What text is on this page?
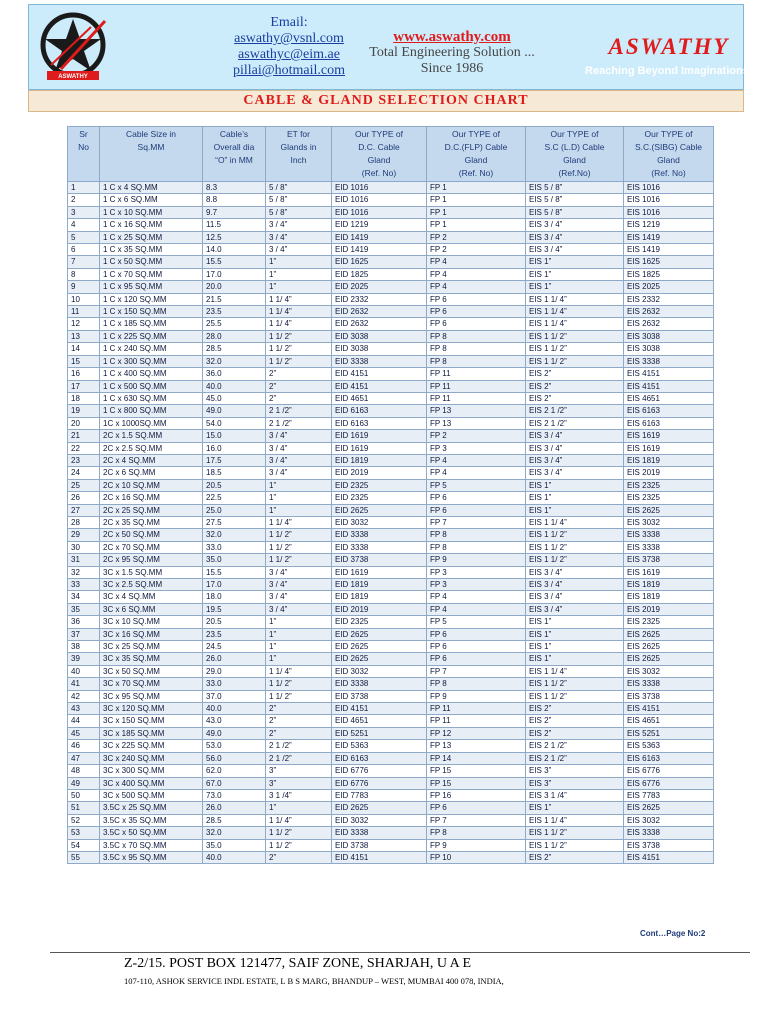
ASWATHY
Email:
aswathy@vsnl.com
aswathyc@eim.ae
pillai@hotmail.com
www.aswathy.com
Total Engineering Solution ...
Since 1986
ASWATHY
Reaching Beyond Imaginations..
CABLE & GLAND SELECTION CHART
Sr
No	Cable Size in
Sq.MM	Cable’s
Overall dia
“O” in MM	ET for
Glands in
Inch	Our TYPE of
D.C. Cable
Gland
(Ref. No)	Our TYPE of
D.C.(FLP) Cable
Gland
(Ref. No)	Our TYPE of
S.C (L.D) Cable
Gland
(Ref.No)	Our TYPE of
S.C.(SIBG) Cable
Gland
(Ref. No)
1	1 C x 4 SQ.MM	8.3	5 / 8”	EID 1016	FP 1	EIS 5 / 8”	EIS 1016
2	1 C x 6 SQ.MM	8.8	5 / 8”	EID 1016	FP 1	EIS 5 / 8”	EIS 1016
3	1 C x 10 SQ.MM	9.7	5 / 8”	EID 1016	FP 1	EIS 5 / 8”	EIS 1016
4	1 C x 16 SQ.MM	11.5	3 / 4”	EID 1219	FP 1	EIS 3 / 4”	EIS 1219
5	1 C x 25 SQ.MM	12.5	3 / 4”	EID 1419	FP 2	EIS 3 / 4”	EIS 1419
6	1 C x 35 SQ.MM	14.0	3 / 4”	EID 1419	FP 2	EIS 3 / 4”	EIS 1419
7	1 C x 50 SQ.MM	15.5	1”	EID 1625	FP 4	EIS 1”	EIS 1625
8	1 C x 70 SQ.MM	17.0	1”	EID 1825	FP 4	EIS 1”	EIS 1825
9	1 C x 95 SQ.MM	20.0	1”	EID 2025	FP 4	EIS 1”	EIS 2025
10	1 C x 120 SQ.MM	21.5	1 1/ 4”	EID 2332	FP 6	EIS 1 1/ 4”	EIS 2332
11	1 C x 150 SQ.MM	23.5	1 1/ 4”	EID 2632	FP 6	EIS 1 1/ 4”	EIS 2632
12	1 C x 185 SQ.MM	25.5	1 1/ 4”	EID 2632	FP 6	EIS 1 1/ 4”	EIS 2632
13	1 C x 225 SQ.MM	28.0	1 1/ 2”	EID 3038	FP 8	EIS 1 1/ 2”	EIS 3038
14	1 C x 240 SQ.MM	28.5	1 1/ 2”	EID 3038	FP 8	EIS 1 1/ 2”	EIS 3038
15	1 C x 300 SQ.MM	32.0	1 1/ 2”	EID 3338	FP 8	EIS 1 1/ 2”	EIS 3338
16	1 C x 400 SQ.MM	36.0	2”	EID 4151	FP 11	EIS 2”	EIS 4151
17	1 C x 500 SQ.MM	40.0	2”	EID 4151	FP 11	EIS 2”	EIS 4151
18	1 C x 630 SQ.MM	45.0	2”	EID 4651	FP 11	EIS 2”	EIS 4651
19	1 C x 800 SQ.MM	49.0	2 1 /2”	EID 6163	FP 13	EIS 2 1 /2”	EIS 6163
20	1C x 1000SQ.MM	54.0	2 1 /2”	EID 6163	FP 13	EIS 2 1 /2”	EIS 6163
21	2C x 1.5 SQ.MM	15.0	3 / 4”	EID 1619	FP 2	EIS 3 / 4”	EIS 1619
22	2C x 2.5 SQ.MM	16.0	3 / 4”	EID 1619	FP 3	EIS 3 / 4”	EIS 1619
23	2C x 4 SQ.MM	17.5	3 / 4”	EID 1819	FP 4	EIS 3 / 4”	EIS 1819
24	2C x 6 SQ.MM	18.5	3 / 4”	EID 2019	FP 4	EIS 3 / 4”	EIS 2019
25	2C x 10 SQ.MM	20.5	1”	EID 2325	FP 5	EIS 1”	EIS 2325
26	2C x 16 SQ.MM	22.5	1”	EID 2325	FP 6	EIS 1”	EIS 2325
27	2C x 25 SQ.MM	25.0	1”	EID 2625	FP 6	EIS 1”	EIS 2625
28	2C x 35 SQ.MM	27.5	1 1/ 4”	EID 3032	FP 7	EIS 1 1/ 4”	EIS 3032
29	2C x 50 SQ.MM	32.0	1 1/ 2”	EID 3338	FP 8	EIS 1 1/ 2”	EIS 3338
30	2C x 70 SQ.MM	33.0	1 1/ 2”	EID 3338	FP 8	EIS 1 1/ 2”	EIS 3338
31	2C x 95 SQ.MM	35.0	1 1/ 2”	EID 3738	FP 9	EIS 1 1/ 2”	EIS 3738
32	3C x 1.5 SQ.MM	15.5	3 / 4”	EID 1619	FP 3	EIS 3 / 4”	EIS 1619
33	3C x 2.5 SQ.MM	17.0	3 / 4”	EID 1819	FP 3	EIS 3 / 4”	EIS 1819
34	3C x 4 SQ.MM	18.0	3 / 4”	EID 1819	FP 4	EIS 3 / 4”	EIS 1819
35	3C x 6 SQ.MM	19.5	3 / 4”	EID 2019	FP 4	EIS 3 / 4”	EIS 2019
36	3C x 10 SQ.MM	20.5	1”	EID 2325	FP 5	EIS 1”	EIS 2325
37	3C x 16 SQ.MM	23.5	1”	EID 2625	FP 6	EIS 1”	EIS 2625
38	3C x 25 SQ.MM	24.5	1”	EID 2625	FP 6	EIS 1”	EIS 2625
39	3C x 35 SQ.MM	26.0	1”	EID 2625	FP 6	EIS 1”	EIS 2625
40	3C x 50 SQ.MM	29.0	1 1/ 4”	EID 3032	FP 7	EIS 1 1/ 4”	EIS 3032
41	3C x 70 SQ.MM	33.0	1 1/ 2”	EID 3338	FP 8	EIS 1 1/ 2”	EIS 3338
42	3C x 95 SQ.MM	37.0	1 1/ 2”	EID 3738	FP 9	EIS 1 1/ 2”	EIS 3738
43	3C x 120 SQ.MM	40.0	2”	EID 4151	FP 11	EIS 2”	EIS 4151
44	3C x 150 SQ.MM	43.0	2”	EID 4651	FP 11	EIS 2”	EIS 4651
45	3C x 185 SQ.MM	49.0	2”	EID 5251	FP 12	EIS 2”	EIS 5251
46	3C x 225 SQ.MM	53.0	2 1 /2”	EID 5363	FP 13	EIS 2 1 /2”	EIS 5363
47	3C x 240 SQ.MM	56.0	2 1 /2”	EID 6163	FP 14	EIS 2 1 /2”	EIS 6163
48	3C x 300 SQ.MM	62.0	3”	EID 6776	FP 15	EIS 3”	EIS 6776
49	3C x 400 SQ.MM	67.0	3”	EID 6776	FP 15	EIS 3”	EIS 6776
50	3C x 500 SQ.MM	73.0	3 1 /4”	EID 7783	FP 16	EIS 3 1 /4”	EIS 7783
51	3.5C x 25 SQ.MM	26.0	1”	EID 2625	FP 6	EIS 1”	EIS 2625
52	3.5C x 35 SQ.MM	28.5	1 1/ 4”	EID 3032	FP 7	EIS 1 1/ 4”	EIS 3032
53	3.5C x 50 SQ.MM	32.0	1 1/ 2”	EID 3338	FP 8	EIS 1 1/ 2”	EIS 3338
54	3.5C x 70 SQ.MM	35.0	1 1/ 2”	EID 3738	FP 9	EIS 1 1/ 2”	EIS 3738
55	3.5C x 95 SQ.MM	40.0	2”	EID 4151	FP 10	EIS 2”	EIS 4151
Cont…Page No:2
Z-2/15. POST BOX 121477, SAIF ZONE, SHARJAH, U A E
107-110, ASHOK SERVICE INDL ESTATE, L B S MARG, BHANDUP – WEST, MUMBAI 400 078, INDIA,
